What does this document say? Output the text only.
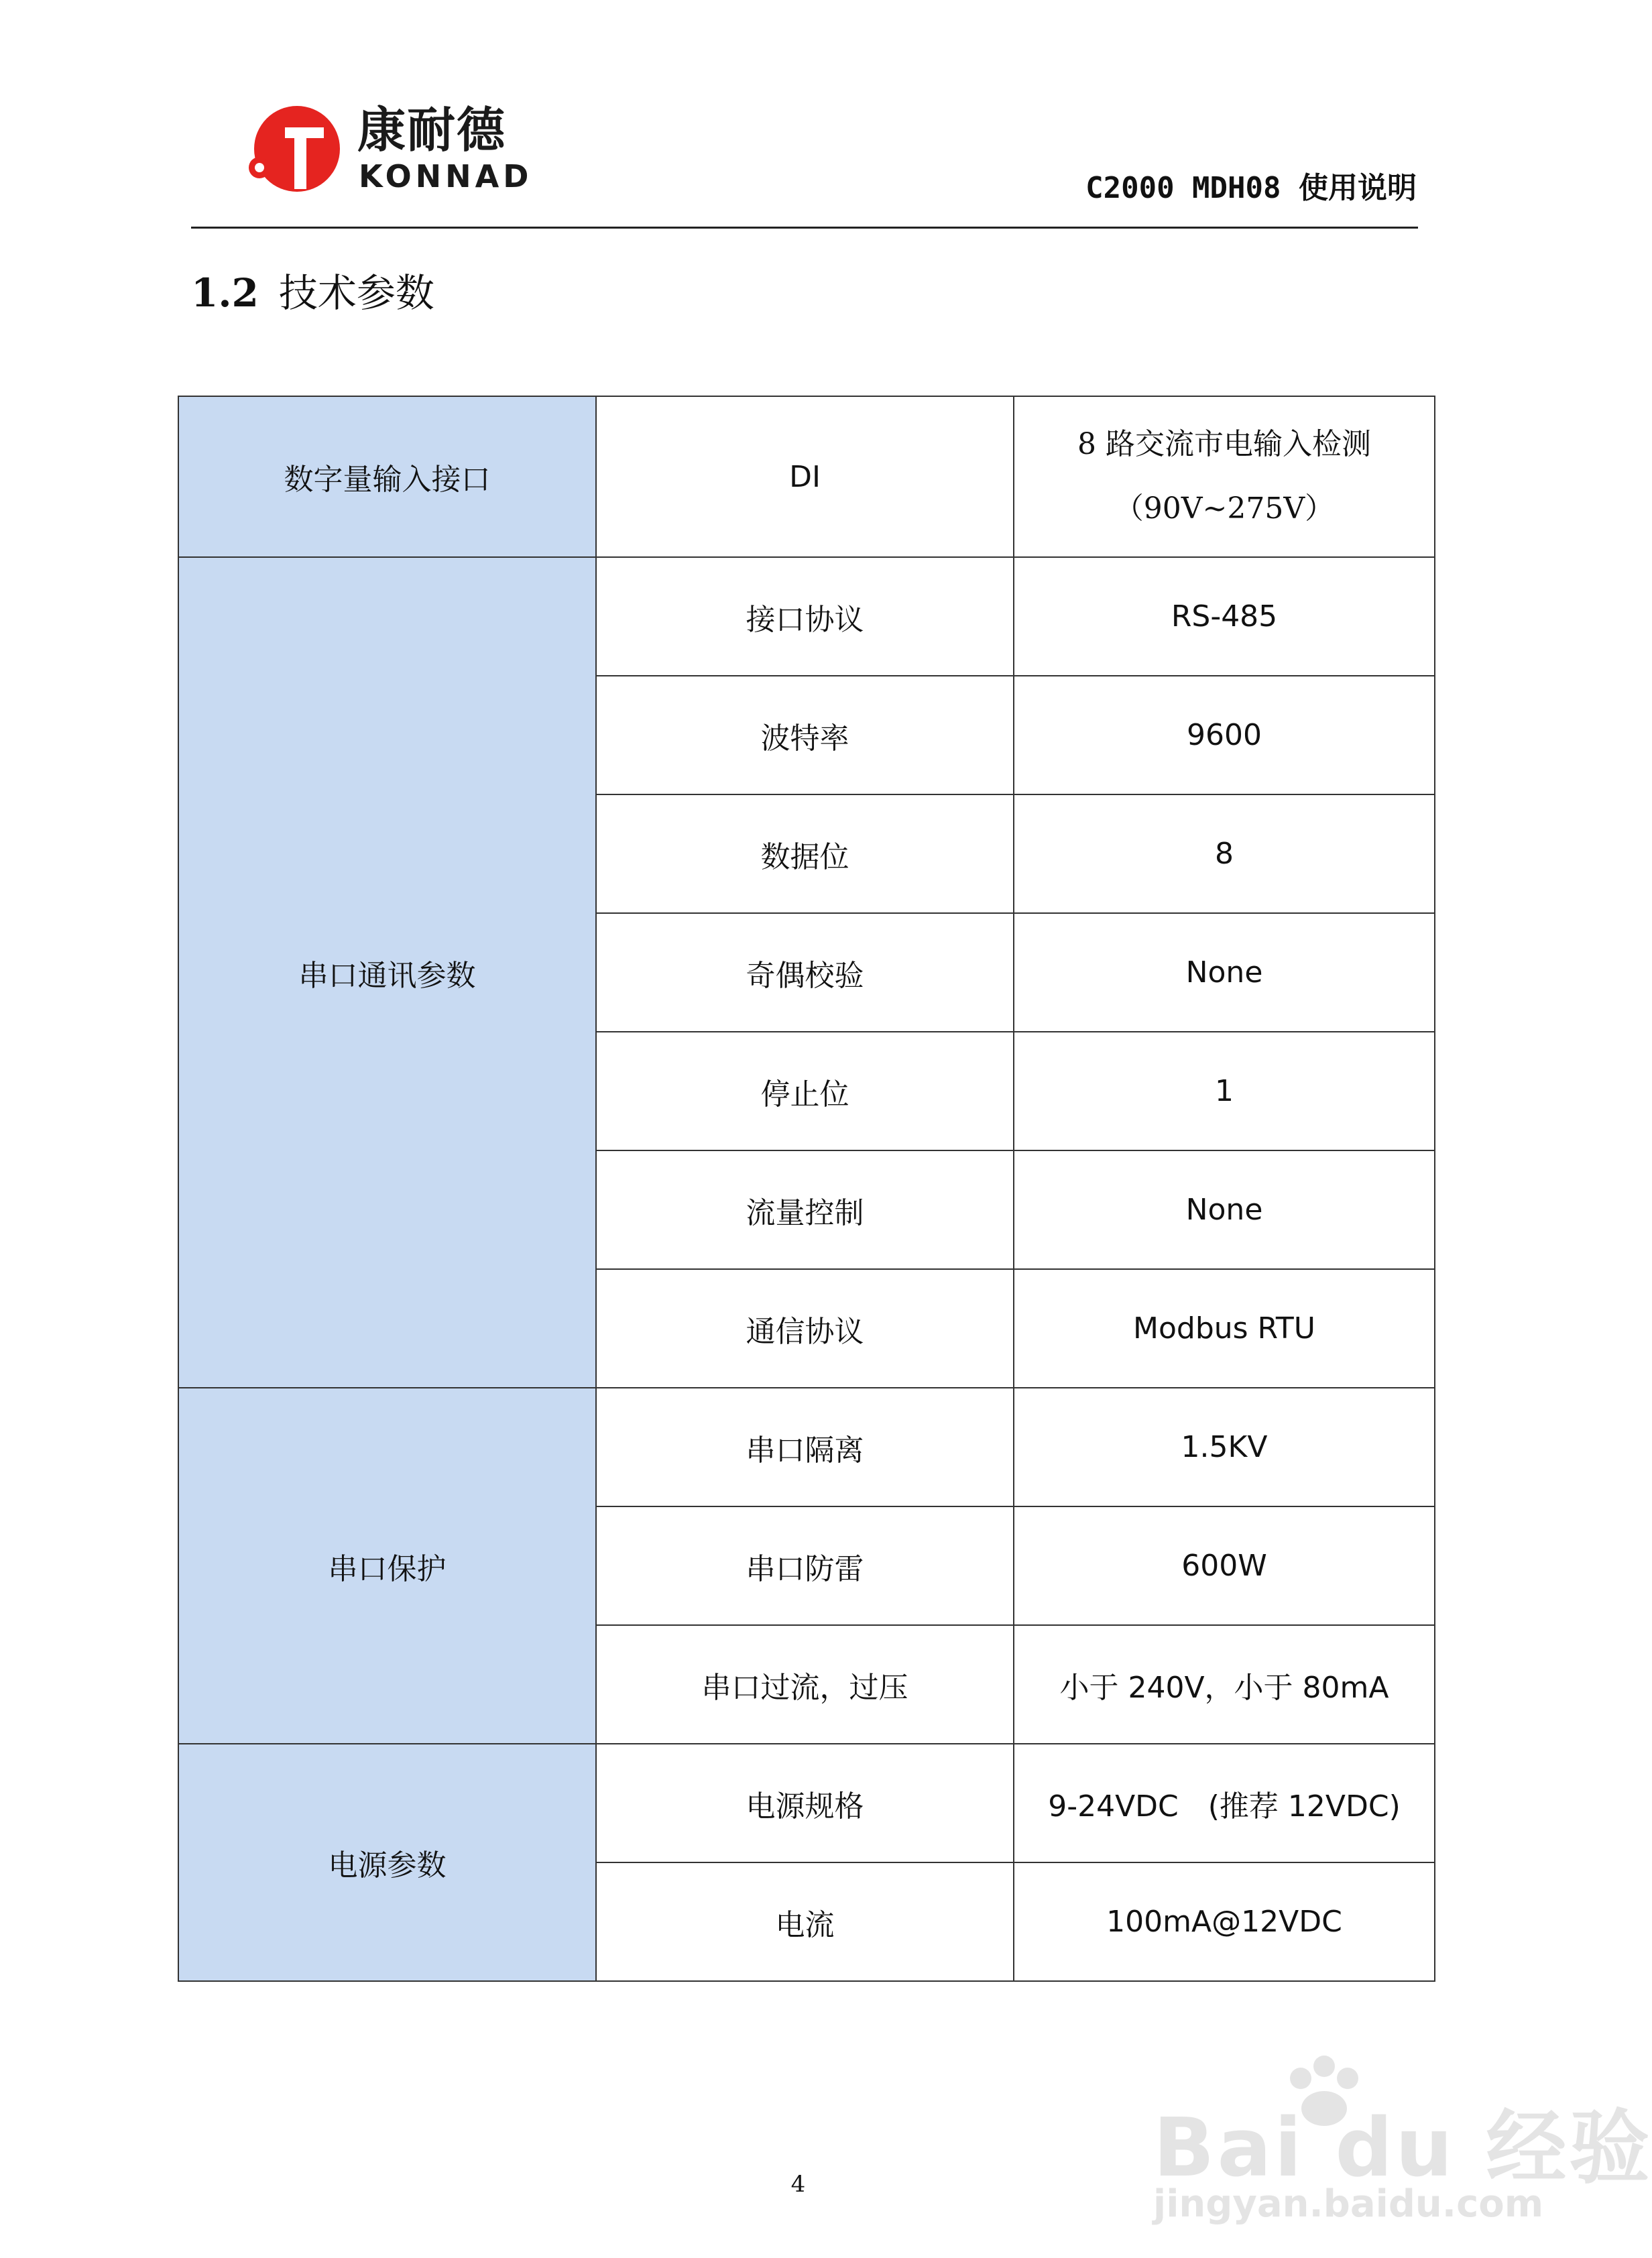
康耐德
KONNAD	C2000 MDH08 使用说明
1.2 技术参数
数字量输入接口	DI	8 路交流市电输入检测
（90V~275V）

串口通讯参数	接口协议	RS-485
	波特率	9600
	数据位	8
	奇偶校验	None
	停止位	1
	流量控制	None
	通信协议	Modbus RTU
串口保护	串口隔离	1.5KV
	串口防雷	600W
	串口过流，过压	小于 240V，小于 80mA
电源参数	电源规格	9-24VDC　(推荐 12VDC)
	电流	100mA@12VDC
4	Bai du 经验
jingyan.baidu.com
